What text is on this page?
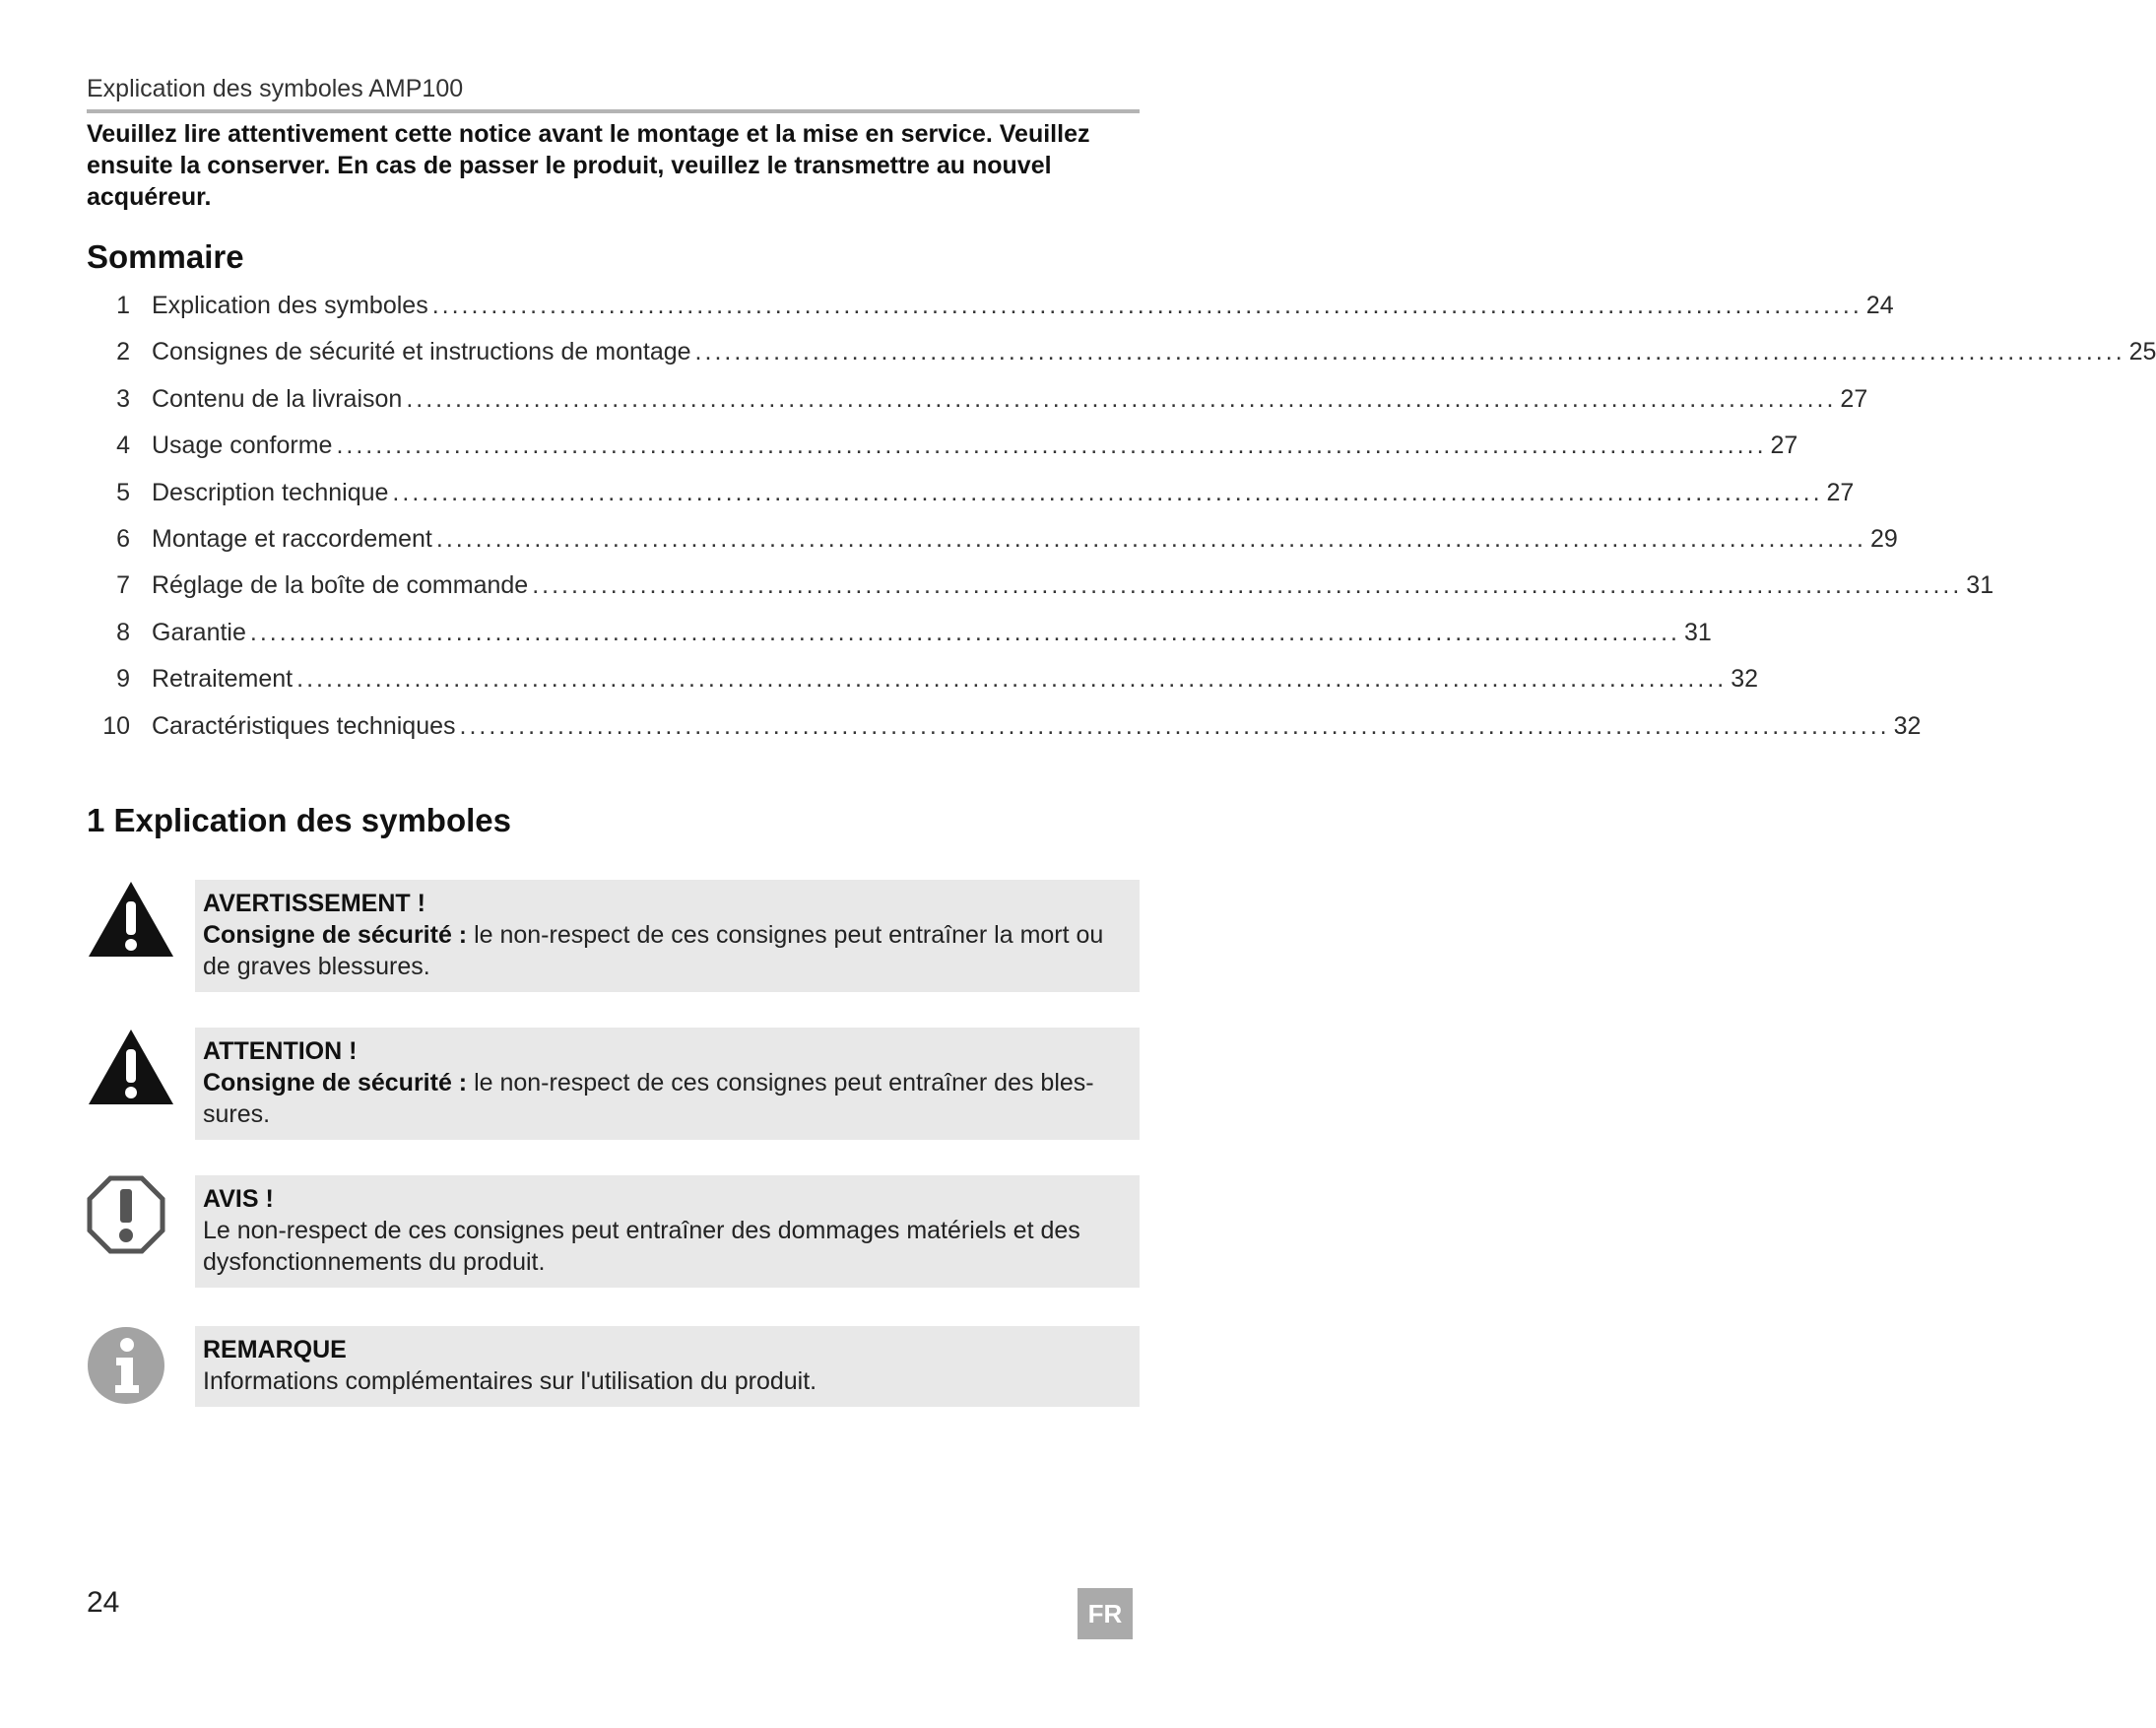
Explication des symboles AMP100
Veuillez lire attentivement cette notice avant le montage et la mise en service. Veuillez ensuite la conserver. En cas de passer le produit, veuillez le transmettre au nouvel acquéreur.
Sommaire
1 Explication des symboles .................................................................................................................................................. 24
2 Consignes de sécurité et instructions de montage .................................................................................................................................................. 25
3 Contenu de la livraison .................................................................................................................................................. 27
4 Usage conforme .................................................................................................................................................. 27
5 Description technique .................................................................................................................................................. 27
6 Montage et raccordement .................................................................................................................................................. 29
7 Réglage de la boîte de commande .................................................................................................................................................. 31
8 Garantie .................................................................................................................................................. 31
9 Retraitement .................................................................................................................................................. 32
10 Caractéristiques techniques .................................................................................................................................................. 32
1 Explication des symboles
AVERTISSEMENT !
Consigne de sécurité : le non-respect de ces consignes peut entraîner la mort ou de graves blessures.
ATTENTION !
Consigne de sécurité : le non-respect de ces consignes peut entraîner des bles-sures.
AVIS !
Le non-respect de ces consignes peut entraîner des dommages matériels et des dysfonctionnements du produit.
REMARQUE
Informations complémentaires sur l'utilisation du produit.
24	FR
